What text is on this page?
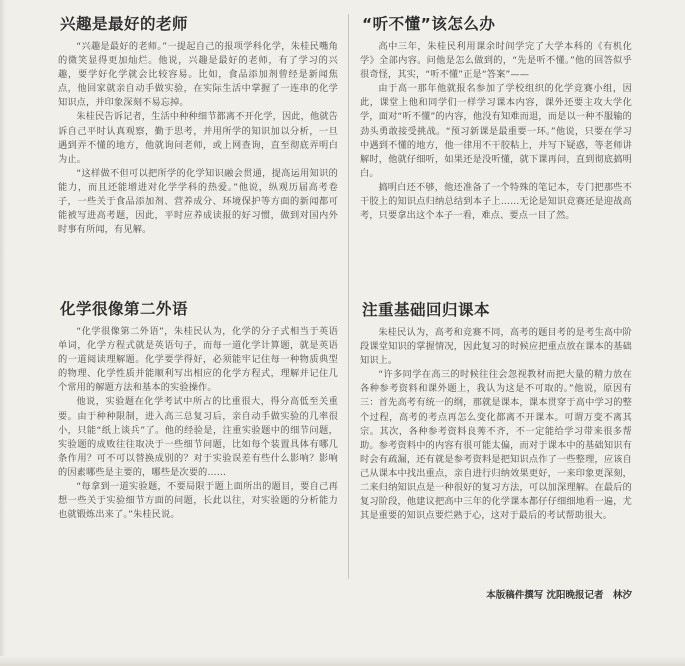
兴趣是最好的老师

“兴趣是最好的老师。”一提起自己的报项学科化学，朱桂民嘴角的微笑显得更加灿烂。他说，兴趣是最好的老师，有了学习的兴趣，要学好化学就会比较容易。比如，食品添加剂曾经是新闻焦点，他回家就亲自动手做实验，在实际生活中掌握了一连串的化学知识点，并印象深刻不易忘掉。

朱桂民告诉记者，生活中种种细节都离不开化学，因此，他就告诉自己平时认真观察，勤于思考，并用所学的知识加以分析，一旦遇到弄不懂的地方，他就询问老师，或上网查询，直至彻底弄明白为止。

“这样做不但可以把所学的化学知识融会贯通，提高运用知识的能力，而且还能增进对化学学科的热爱。”他说，纵观历届高考卷子，一些关于食品添加剂、营养成分、环境保护等方面的新闻都可能被写进高考题，因此，平时应养成读报的好习惯，做到对国内外时事有所闻，有见解。

化学很像第二外语

“化学很像第二外语”，朱桂民认为，化学的分子式相当于英语单词，化学方程式就是英语句子，而每一道化学计算题，就是英语的一道阅读理解题。化学要学得好，必须能牢记住每一种物质典型的物理、化学性质并能顺利写出相应的化学方程式，理解并记住几个常用的解题方法和基本的实验操作。

他说，实验题在化学考试中所占的比重很大，得分高低至关重要。由于种种限制，进入高三总复习后，亲自动手做实验的几率很小，只能“纸上谈兵”了。他的经验是，注重实验题中的细节问题，实验题的成败往往取决于一些细节问题，比如每个装置具体有哪几条作用？可不可以替换成别的？对于实验误差有些什么影响？影响的因素哪些是主要的，哪些是次要的……

“每拿到一道实验题，不要局限于题上面所出的题目，要自己再想一些关于实验细节方面的问题，长此以往，对实验题的分析能力也就锻炼出来了。”朱桂民说。

“听不懂”该怎么办

高中三年，朱桂民利用课余时间学完了大学本科的《有机化学》全部内容。问他是怎么做到的，“先是听不懂。”他的回答似乎很奇怪，其实，“听不懂”正是“答案”——

由于高一那年他就报名参加了学校组织的化学竞赛小组，因此，课堂上他和同学们一样学习课本内容，课外还要主攻大学化学，面对“听不懂”的内容，他没有知难而退，而是以一种不服输的劲头勇敢接受挑战。“预习新课是最重要一环。”他说，只要在学习中遇到不懂的地方，他一律用不干胶粘上，并写下疑惑，等老师讲解时，他就仔细听，如果还是没听懂，就下课再问，直到彻底搞明白。

搞明白还不够，他还准备了一个特殊的笔记本，专门把那些不干胶上的知识点归纳总结到本子上……无论是知识竞赛还是迎战高考，只要拿出这个本子一看，难点、要点一目了然。

注重基础回归课本

朱桂民认为，高考和竞赛不同，高考的题目考的是考生高中阶段课堂知识的掌握情况，因此复习的时候应把重点放在课本的基础知识上。

“许多同学在高三的时候往往会忽视教材而把大量的精力放在各种参考资料和课外题上，我认为这是不可取的。”他说，原因有三：首先高考有统一的纲，那就是课本，课本贯穿于高中学习的整个过程，高考的考点再怎么变化都离不开课本。可谓万变不离其宗。其次，各种参考资料良莠不齐，不一定能给学习带来很多帮助。参考资料中的内容有很可能太偏，而对于课本中的基础知识有时会有疏漏，还有就是参考资料是把知识点作了一些整理，应该自己从课本中找出重点，亲自进行归纳效果更好，一来印象更深刻，二来归纳知识点是一种很好的复习方法，可以加深理解。在最后的复习阶段，他建议把高中三年的化学课本都仔仔细细地看一遍，尤其是重要的知识点要烂熟于心，这对于最后的考试帮助很大。

本版稿件撰写 沈阳晚报记者　林汐
